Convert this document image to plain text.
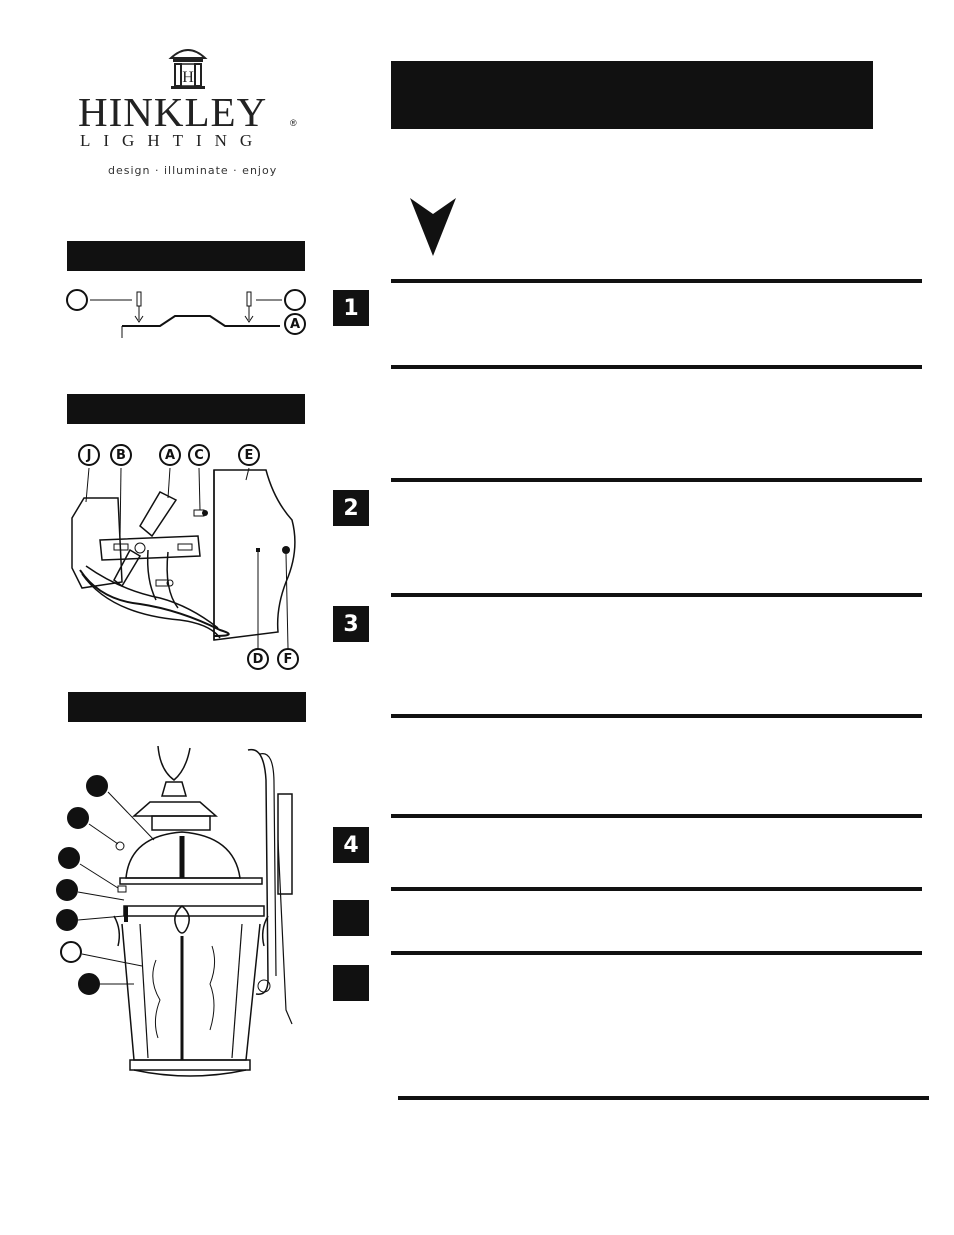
H
HINKLEY	®
LIGHTING
design · illuminate · enjoy
A
J	B	A	C	E
D	F
1
2
3
4
